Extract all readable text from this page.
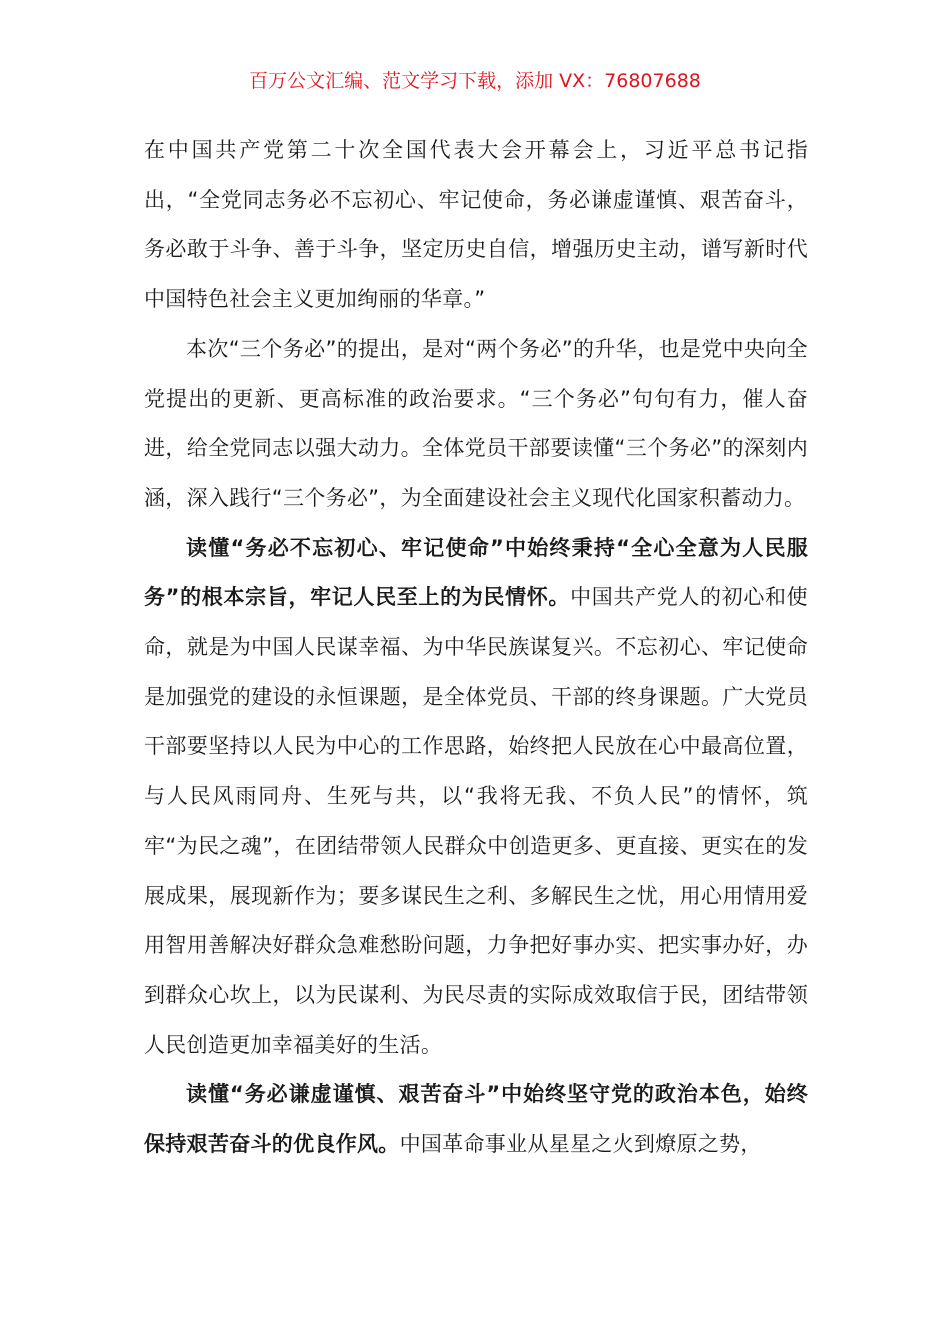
百万公文汇编、范文学习下载，添加 VX：76807688

在中国共产党第二十次全国代表大会开幕会上，习近平总书记指出，“全党同志务必不忘初心、牢记使命，务必谦虚谨慎、艰苦奋斗，务必敢于斗争、善于斗争，坚定历史自信，增强历史主动，谱写新时代中国特色社会主义更加绚丽的华章。”

本次“三个务必”的提出，是对“两个务必”的升华，也是党中央向全党提出的更新、更高标准的政治要求。“三个务必”句句有力，催人奋进，给全党同志以强大动力。全体党员干部要读懂“三个务必”的深刻内涵，深入践行“三个务必”，为全面建设社会主义现代化国家积蓄动力。

读懂“务必不忘初心、牢记使命”中始终秉持“全心全意为人民服务”的根本宗旨，牢记人民至上的为民情怀。中国共产党人的初心和使命，就是为中国人民谋幸福、为中华民族谋复兴。不忘初心、牢记使命是加强党的建设的永恒课题，是全体党员、干部的终身课题。广大党员干部要坚持以人民为中心的工作思路，始终把人民放在心中最高位置，与人民风雨同舟、生死与共，以“我将无我、不负人民”的情怀，筑牢“为民之魂”，在团结带领人民群众中创造更多、更直接、更实在的发展成果，展现新作为；要多谋民生之利、多解民生之忧，用心用情用爱用智用善解决好群众急难愁盼问题，力争把好事办实、把实事办好，办到群众心坎上，以为民谋利、为民尽责的实际成效取信于民，团结带领人民创造更加幸福美好的生活。

读懂“务必谦虚谨慎、艰苦奋斗”中始终坚守党的政治本色，始终保持艰苦奋斗的优良作风。中国革命事业从星星之火到燎原之势，
